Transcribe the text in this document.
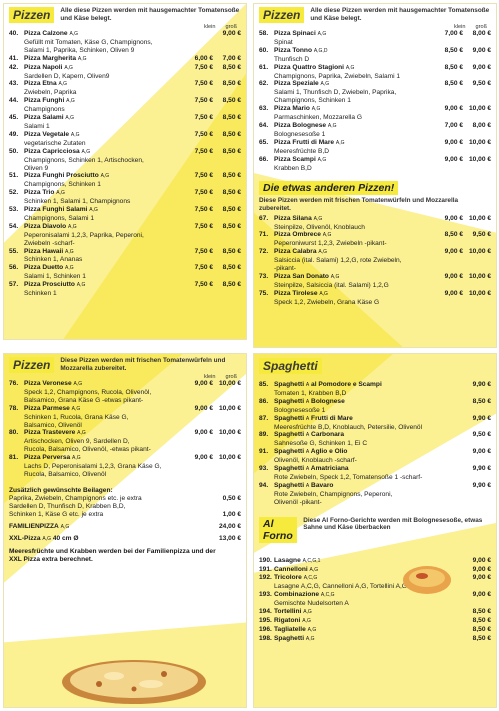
Pizzen	Alle diese Pizzen werden mit hausgemachter Tomatensoße und Käse belegt.
klein groß
40. Pizza Calzone A,G	9,00 €
Gefüllt mit Tomaten, Käse G, Champignons,
Salami 1, Paprika, Schinken, Oliven 9
41. Pizza Margherita A,G	6,00 €	7,00 €
42. Pizza Napoli A,G	7,50 €	8,50 €
Sardellen D, Kapern, Oliven9
43. Pizza Etna A,G	7,50 €	8,50 €
Zwiebeln, Paprika
44. Pizza Funghi A,G	7,50 €	8,50 €
Champignons
45. Pizza Salami A,G	7,50 €	8,50 €
Salami 1
49. Pizza Vegetale A,G	7,50 €	8,50 €
vegetarische Zutaten
50. Pizza Capricciosa A,G	7,50 €	8,50 €
Champignons, Schinken 1, Artischocken,
Oliven 9
51. Pizza Funghi Prosciutto A,G	7,50 €	8,50 €
Champignons, Schinken 1
52. Pizza Trio A,G	7,50 €	8,50 €
Schinken 1, Salami 1, Champignons
53. Pizza Funghi Salami A,G	7,50 €	8,50 €
Champignons, Salami 1
54. Pizza Diavolo A,G	7,50 €	8,50 €
Peperonisalami 1,2,3, Paprika, Peperoni,
Zwiebeln -scharf-
55. Pizza Hawaii A,G	7,50 €	8,50 €
Schinken 1, Ananas
56. Pizza Duetto A,G	7,50 €	8,50 €
Salami 1, Schinken 1
57. Pizza Prosciutto A,G	7,50 €	8,50 €
Schinken 1
Pizzen	Alle diese Pizzen werden mit hausgemachter Tomatensoße und Käse belegt.
klein groß
58. Pizza Spinaci A,G	7,00 €	8,00 €
Spinat
60. Pizza Tonno A,G,D	8,50 €	9,00 €
Thunfisch D
61. Pizza Quattro Stagioni A,G	8,50 €	9,00 €
Champignons, Paprika, Zwiebeln, Salami 1
62. Pizza Speziale A,G	8,50 €	9,50 €
Salami 1, Thunfisch D, Zwiebeln, Paprika,
Champignons, Schinken 1
63. Pizza Mario A,G	9,00 € 10,00 €
Parmaschinken, Mozzarella G
64. Pizza Bolognese A,G	7,00 €	8,00 €
Bolognesesoße 1
65. Pizza Frutti di Mare A,G	9,00 € 10,00 €
Meeresfrüchte B,D
66. Pizza Scampi A,G	9,00 € 10,00 €
Krabben B,D
Die etwas anderen Pizzen!
Diese Pizzen werden mit frischen Tomatenwürfeln und Mozzarella zubereitet.
67. Pizza Silana A,G	9,00 € 10,00 €
Steinpilze, Olivenöl, Knoblauch
71. Pizza Ombrece A,G	8,50 €	9,50 €
Peperoniwurst 1,2,3, Zwiebeln -pikant-
72. Pizza Calabra A,G	9,00 € 10,00 €
Salsiccia (ital. Salami) 1,2,G, rote Zwiebeln,
-pikant-
73. Pizza San Donato A,G	9,00 € 10,00 €
Steinpilze, Salsiccia (ital. Salami) 1,2,G
75. Pizza Tirolese A,G	9,00 € 10,00 €
Speck 1,2, Zwiebeln, Grana Käse G
Pizzen	Diese Pizzen werden mit frischen Tomatenwürfeln und Mozzarella zubereitet.
klein groß
76. Pizza Veronese A,G	9,00 € 10,00 €
Speck 1,2, Champignons, Rucola, Olivenöl,
Balsamico, Grana Käse G -etwas pikant-
78. Pizza Parmese A,G	9,00 € 10,00 €
Schinken 1, Rucola, Grana Käse G,
Balsamico, Olivenöl
80. Pizza Trastevere A,G	9,00 € 10,00 €
Artischocken, Oliven 9, Sardellen D,
Rucola, Balsamico, Olivenöl, -etwas pikant-
81. Pizza Perversa A,G	9,00 € 10,00 €
Lachs D, Peperonisalami 1,2,3, Grana Käse G,
Rucola, Balsamico, Olivenöl
Zusätzlich gewünschte Beilagen:
Paprika, Zwiebeln, Champignons etc. je extra	0,50 €
Sardellen D, Thunfisch D, Krabben B,D,
Schinken 1, Käse G etc. je extra	1,00 €
FAMILIENPIZZA A,G	24,00 €
XXL-Pizza A,G 40 cm Ø	13,00 €
Meeresfrüchte und Krabben werden bei der Familienpizza und der XXL Pizza extra berechnet.
Spaghetti
85. Spaghetti A al Pomodore e Scampi	9,90 €
Tomaten 1, Krabben B,D
86. Spaghetti A Bolognese	8,50 €
Bolognesesoße 1
87. Spaghetti A Frutti di Mare	9,90 €
Meeresfrüchte B,D, Knoblauch, Petersilie, Olivenöl
89. Spaghetti A Carbonara	9,50 €
Sahnesoße G, Schinken 1, Ei C
91. Spaghetti A Aglio e Olio	9,00 €
Olivenöl, Knoblauch -scharf-
93. Spaghetti A Amatriciana	9,90 €
Rote Zwiebeln, Speck 1,2, Tomatensoße 1 -scharf-
94. Spaghetti A Bavaro	9,90 €
Rote Zwiebeln, Champignons, Peperoni,
Olivenöl -pikant-
Al Forno
Diese Al Forno-Gerichte werden mit Bolognesesoße, etwas Sahne und Käse überbacken
190. Lasagne A,C,G,1	9,00 €
191. Cannelloni A,G	9,00 €
192. Tricolore A,C,G	9,00 €
Lasagne A,C,G, Cannelloni A,G, Tortellini A,G
193. Combinazione A,C,G	9,00 €
Gemischte Nudelsorten A
194. Tortellini A,G	8,50 €
195. Rigatoni A,G	8,50 €
196. Tagliatelle A,G	8,50 €
198. Spaghetti A,G	8,50 €
